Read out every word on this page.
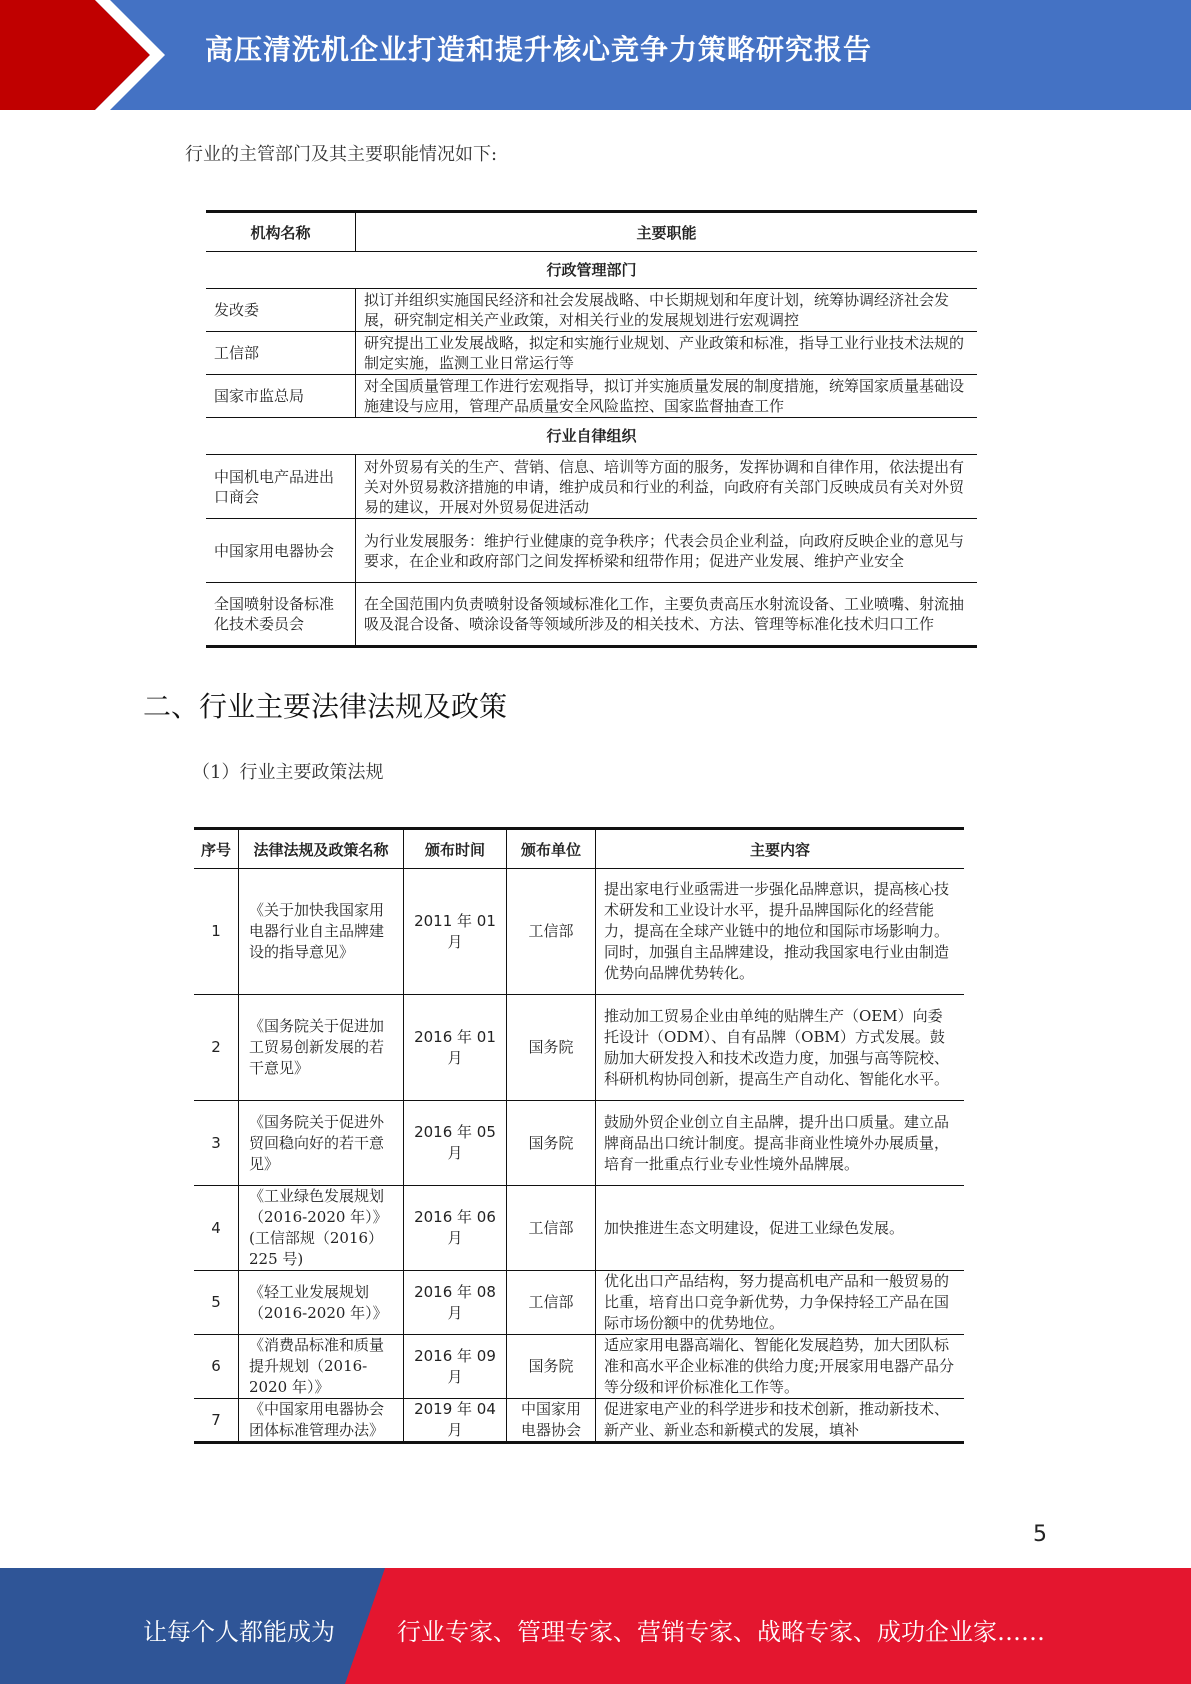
高压清洗机企业打造和提升核心竞争力策略研究报告
行业的主管部门及其主要职能情况如下:
机构名称	主要职能
行政管理部门	
发改委	拟订并组织实施国民经济和社会发展战略、中长期规划和年度计划，统筹协调经济社会发展，研究制定相关产业政策，对相关行业的发展规划进行宏观调控
工信部	研究提出工业发展战略，拟定和实施行业规划、产业政策和标准，指导工业行业技术法规的制定实施，监测工业日常运行等
国家市监总局	对全国质量管理工作进行宏观指导，拟订并实施质量发展的制度措施，统筹国家质量基础设施建设与应用，管理产品质量安全风险监控、国家监督抽查工作
行业自律组织	
中国机电产品进出口商会	对外贸易有关的生产、营销、信息、培训等方面的服务，发挥协调和自律作用，依法提出有关对外贸易救济措施的申请，维护成员和行业的利益，向政府有关部门反映成员有关对外贸易的建议，开展对外贸易促进活动
中国家用电器协会	为行业发展服务：维护行业健康的竞争秩序；代表会员企业利益，向政府反映企业的意见与要求，在企业和政府部门之间发挥桥梁和纽带作用；促进产业发展、维护产业安全
全国喷射设备标准化技术委员会	在全国范围内负责喷射设备领域标准化工作，主要负责高压水射流设备、工业喷嘴、射流抽吸及混合设备、喷涂设备等领域所涉及的相关技术、方法、管理等标准化技术归口工作
二、行业主要法律法规及政策
（1）行业主要政策法规
序号	法律法规及政策名称	颁布时间	颁布单位	主要内容
1	《关于加快我国家用电器行业自主品牌建设的指导意见》	2011 年 01 月	工信部	提出家电行业亟需进一步强化品牌意识，提高核心技术研发和工业设计水平，提升品牌国际化的经营能力，提高在全球产业链中的地位和国际市场影响力。同时，加强自主品牌建设，推动我国家电行业由制造优势向品牌优势转化。
2	《国务院关于促进加工贸易创新发展的若干意见》	2016 年 01 月	国务院	推动加工贸易企业由单纯的贴牌生产（OEM）向委托设计（ODM）、自有品牌（OBM）方式发展。鼓励加大研发投入和技术改造力度，加强与高等院校、科研机构协同创新，提高生产自动化、智能化水平。
3	《国务院关于促进外贸回稳向好的若干意见》	2016 年 05 月	国务院	鼓励外贸企业创立自主品牌，提升出口质量。建立品牌商品出口统计制度。提高非商业性境外办展质量，培育一批重点行业专业性境外品牌展。
4	《工业绿色发展规划（2016-2020 年）》(工信部规（2016）225 号)	2016 年 06 月	工信部	加快推进生态文明建设，促进工业绿色发展。
5	《轻工业发展规划（2016-2020 年）》	2016 年 08 月	工信部	优化出口产品结构，努力提高机电产品和一般贸易的比重，培育出口竞争新优势，力争保持轻工产品在国际市场份额中的优势地位。
6	《消费品标准和质量提升规划（2016-2020 年）》	2016 年 09 月	国务院	适应家用电器高端化、智能化发展趋势，加大团队标准和高水平企业标准的供给力度;开展家用电器产品分等分级和评价标准化工作等。
7	《中国家用电器协会团体标准管理办法》	2019 年 04 月	中国家用电器协会	促进家电产业的科学进步和技术创新，推动新技术、新产业、新业态和新模式的发展，填补
5
让每个人都能成为	行业专家、管理专家、营销专家、战略专家、成功企业家……
